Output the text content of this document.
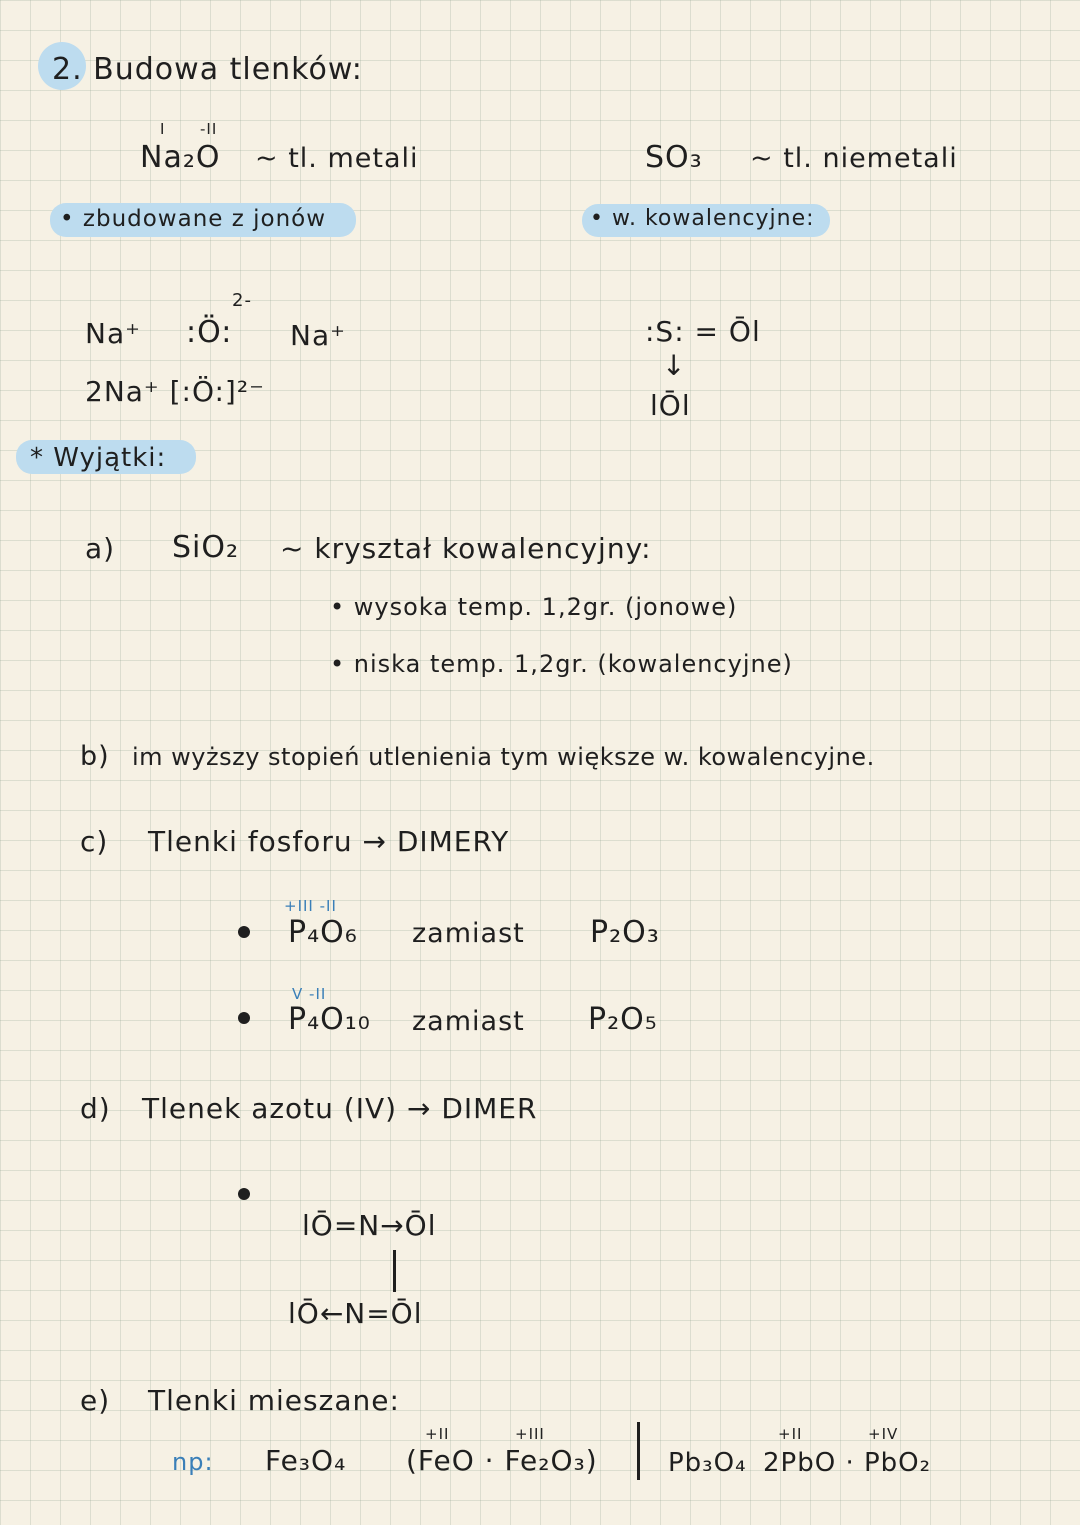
2. Budowa tlenków:
I -II
Na₂O ~ tl. metali
• zbudowane z jonów
Na⁺ :Ö:
2-
Na⁺
2Na⁺ [:Ö:]²⁻
SO₃ ~ tl. niemetali
• w. kowalencyjne:
:S: = Ōl
↓
lŌl
* Wyjątki:
a) SiO₂ ~ kryształ kowalencyjny:
• wysoka temp. 1,2gr. (jonowe)
• niska temp. 1,2gr. (kowalencyjne)
b) im wyższy stopień utlenienia tym większe w. kowalencyjne.
c) Tlenki fosforu → DIMERY
+III -II
P₄O₆ zamiast P₂O₃
V -II
P₄O₁₀ zamiast P₂O₅
d) Tlenek azotu (IV) → DIMER
lŌ=N→Ōl
lŌ←N=Ōl
e) Tlenki mieszane:
np: Fe₃O₄
+II	+III
(FeO · Fe₂O₃)	Pb₃O₄
+II	+IV
2PbO · PbO₂
